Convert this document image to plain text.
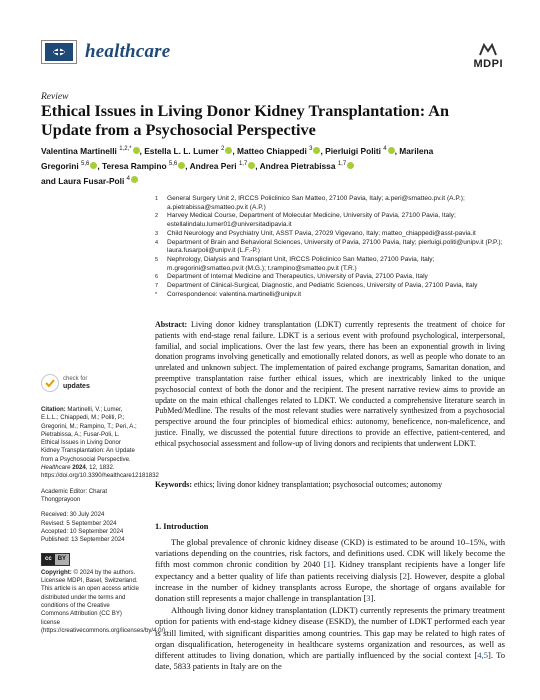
healthcare
MDPI
Review
Ethical Issues in Living Donor Kidney Transplantation: An Update from a Psychosocial Perspective
Valentina Martinelli $^{1,2,*}$ , Estella L. L. Lumer $^2$ , Matteo Chiappedi $^3$ , Pierluigi Politi $^4$ , Marilena Gregorini $^{5,6}$ , Teresa Rampino $^{5,6}$ , Andrea Peri $^{1,7}$ , Andrea Pietrabissa $^{1,7}$
and Laura Fusar-Poli $^4$
1	General Surgery Unit 2, IRCCS Policlinico San Matteo, 27100 Pavia, Italy; a.peri@smatteo.pv.it (A.P.); a.pietrabissa@smatteo.pv.it (A.P.)
2	Harvey Medical Course, Department of Molecular Medicine, University of Pavia, 27100 Pavia, Italy; estellalindalu.lumer01@universitadipavia.it
3	Child Neurology and Psychiatry Unit, ASST Pavia, 27029 Vigevano, Italy; matteo_chiappedi@asst-pavia.it
4	Department of Brain and Behavioral Sciences, University of Pavia, 27100 Pavia, Italy; pierluigi.politi@unipv.it (P.P.); laura.fusarpoli@unipv.it (L.F.-P.)
5	Nephrology, Dialysis and Transplant Unit, IRCCS Policlinico San Matteo, 27100 Pavia, Italy; m.gregorini@smatteo.pv.it (M.G.); t.rampino@smatteo.pv.it (T.R.)
6	Department of Internal Medicine and Therapeutics, University of Pavia, 27100 Pavia, Italy
7	Department of Clinical-Surgical, Diagnostic, and Pediatric Sciences, University of Pavia, 27100 Pavia, Italy
*	Correspondence: valentina.martinelli@unipv.it
Abstract: Living donor kidney transplantation (LDKT) currently represents the treatment of choice for patients with end-stage renal failure. LDKT is a serious event with profound psychological, interpersonal, familial, and social implications. Over the last few years, there has been an exponential growth in living donation programs involving genetically and emotionally related donors, as well as people who donate to an unrelated and unknown subject. The implementation of paired exchange programs, Samaritan donation, and preemptive transplantation raise further ethical issues, which are inextricably linked to the unique psychosocial context of both the donor and the recipient. The present narrative review aims to provide an update on the main ethical challenges related to LDKT. We conducted a comprehensive literature search in PubMed/Medline. The results of the most relevant studies were narratively synthesized from a psychosocial perspective around the four principles of biomedical ethics: autonomy, beneficence, non-maleficence, and justice. Finally, we discussed the potential future directions to provide an effective, patient-centered, and ethical psychosocial assessment and follow-up of living donors and recipients that underwent LDKT.
Keywords: ethics; living donor kidney transplantation; psychosocial outcomes; autonomy
check for
updates
Citation: Martinelli, V.; Lumer, E.L.L.; Chiappedi, M.; Politi, P.; Gregorini, M.; Rampino, T.; Peri, A.; Pietrabissa, A.; Fusar-Poli, L. Ethical Issues in Living Donor Kidney Transplantation: An Update from a Psychosocial Perspective. Healthcare 2024, 12, 1832. https://doi.org/10.3390/healthcare12181832
Academic Editor: Charat Thongprayoon
Received: 30 July 2024
Revised: 5 September 2024
Accepted: 10 September 2024
Published: 13 September 2024
cc	BY
Copyright: © 2024 by the authors. Licensee MDPI, Basel, Switzerland. This article is an open access article distributed under the terms and conditions of the Creative Commons Attribution (CC BY) license (https://creativecommons.org/licenses/by/4.0/).
1. Introduction

The global prevalence of chronic kidney disease (CKD) is estimated to be around 10–15%, with variations depending on the countries, risk factors, and definitions used. CDK will likely become the fifth most common chronic condition by 2040 [1]. Kidney transplant recipients have a longer life expectancy and a better quality of life than patients receiving dialysis [2]. However, despite a global increase in the number of kidney transplants across Europe, the shortage of organs available for donation still represents a major challenge in transplantation [3].

Although living donor kidney transplantation (LDKT) currently represents the primary treatment option for patients with end-stage kidney disease (ESKD), the number of LDKT performed each year is still limited, with significant disparities among countries. This gap may be related to high rates of organ disqualification, heterogeneity in healthcare systems organization and resources, as well as different attitudes to living donation, which are partially influenced by the social context [4,5]. To date, 5833 patients in Italy are on the
